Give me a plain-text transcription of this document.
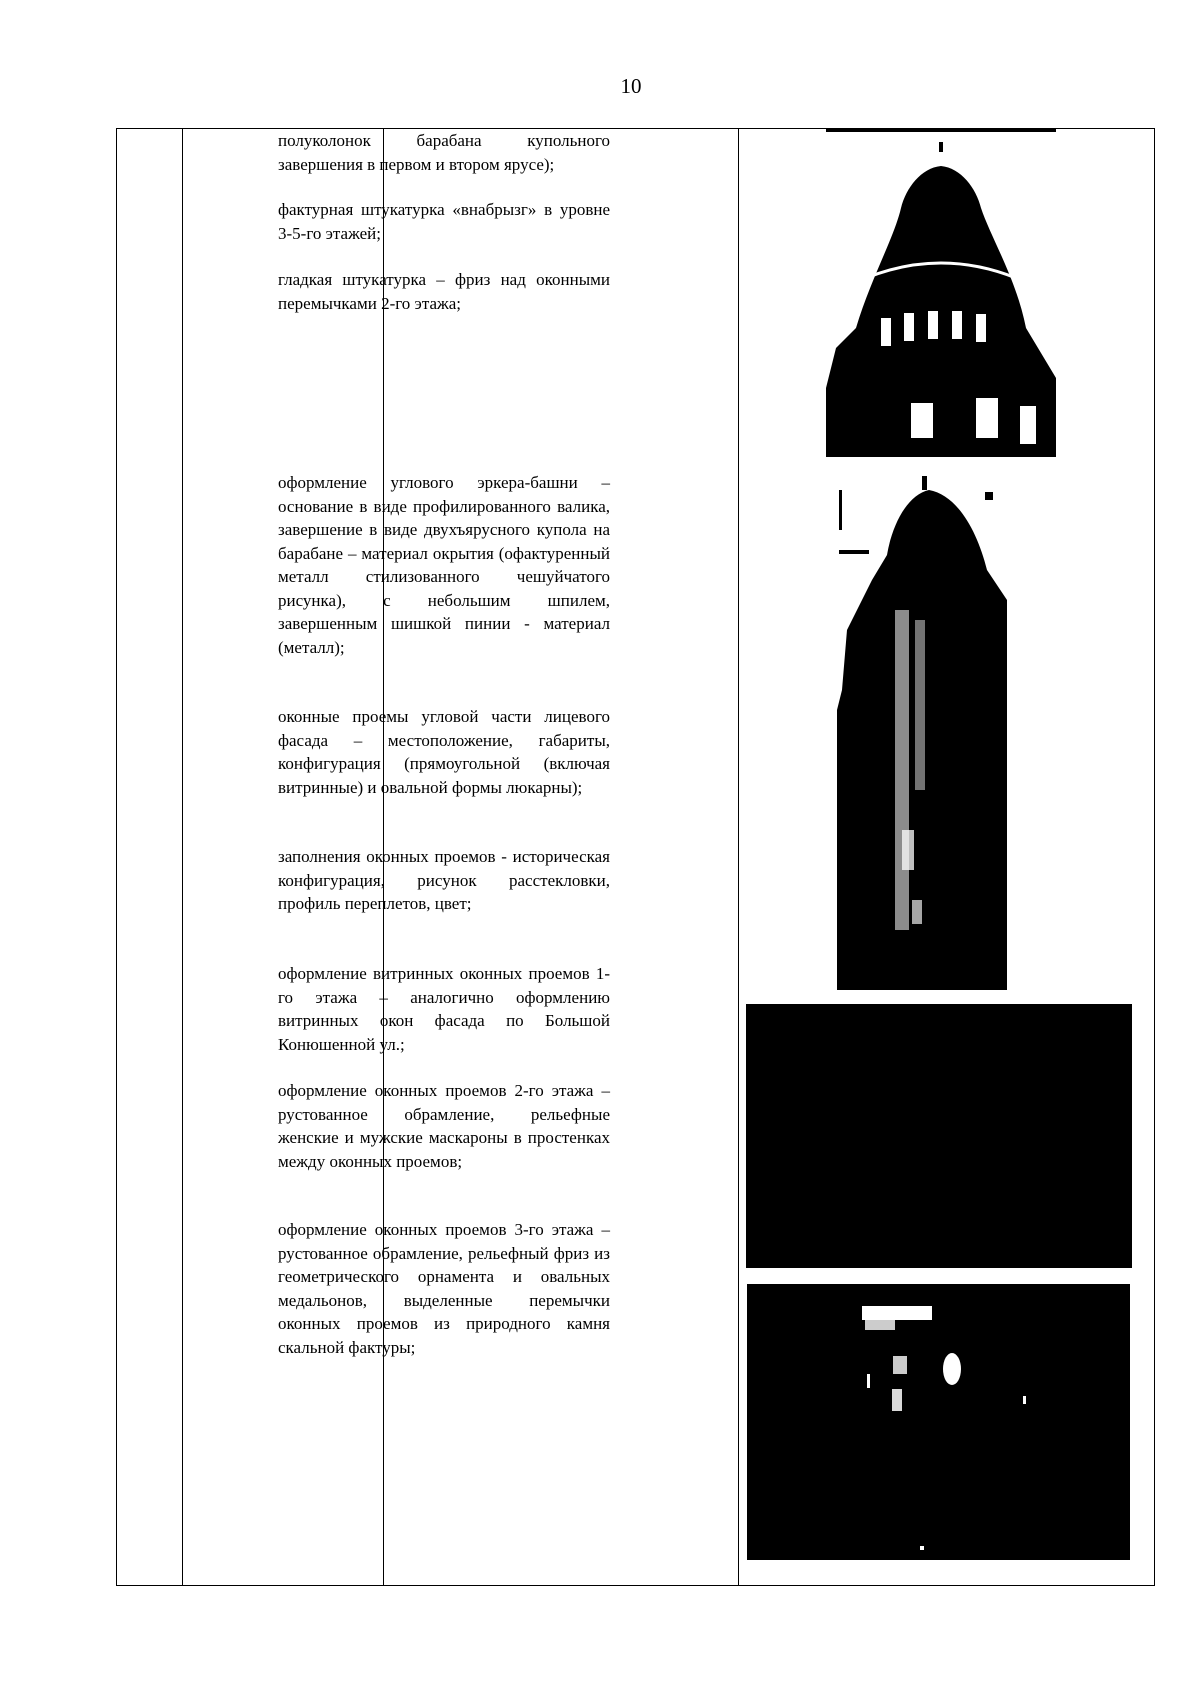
10

полуколонок барабана купольного завершения в первом и втором ярусе);

фактурная штукатурка «внабрызг» в уровне 3-5-го этажей;

гладкая штукатурка – фриз над оконными перемычками 2-го этажа;

оформление углового эркера-башни – основание в виде профилированного валика, завершение в виде двухъярусного купола на барабане – материал окрытия (офактуренный металл стилизованного чешуйчатого рисунка), с небольшим шпилем, завершенным шишкой пинии - материал (металл);

оконные проемы угловой части лицевого фасада – местоположение, габариты, конфигурация (прямоугольной (включая витринные) и овальной формы люкарны);

заполнения оконных проемов - историческая конфигурация, рисунок расстекловки, профиль переплетов, цвет;

оформление витринных оконных проемов 1-го этажа – аналогично оформлению витринных окон фасада по Большой Конюшенной ул.;

оформление оконных проемов 2-го этажа – рустованное обрамление, рельефные женские и мужские маскароны в простенках между оконных проемов;

оформление оконных проемов 3-го этажа – рустованное обрамление, рельефный фриз из геометрического орнамента и овальных медальонов, выделенные перемычки оконных проемов из природного камня скальной фактуры;
